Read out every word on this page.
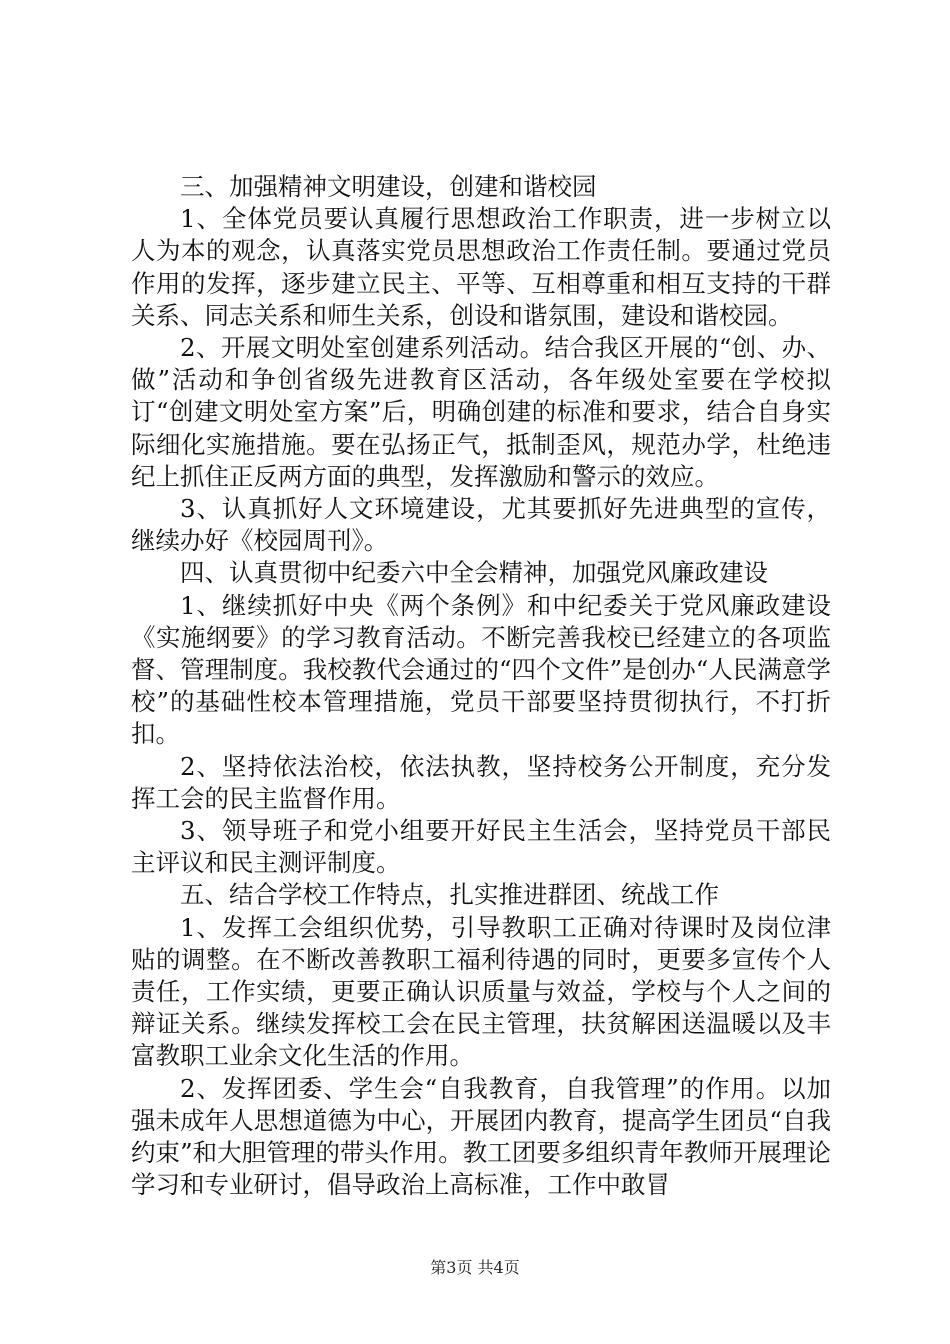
三、加强精神文明建设，创建和谐校园

1、全体党员要认真履行思想政治工作职责，进一步树立以人为本的观念，认真落实党员思想政治工作责任制。要通过党员作用的发挥，逐步建立民主、平等、互相尊重和相互支持的干群关系、同志关系和师生关系，创设和谐氛围，建设和谐校园。

2、开展文明处室创建系列活动。结合我区开展的“创、办、做”活动和争创省级先进教育区活动，各年级处室要在学校拟订“创建文明处室方案”后，明确创建的标准和要求，结合自身实际细化实施措施。要在弘扬正气，抵制歪风，规范办学，杜绝违纪上抓住正反两方面的典型，发挥激励和警示的效应。

3、认真抓好人文环境建设，尤其要抓好先进典型的宣传，继续办好《校园周刊》。

四、认真贯彻中纪委六中全会精神，加强党风廉政建设

1、继续抓好中央《两个条例》和中纪委关于党风廉政建设《实施纲要》的学习教育活动。不断完善我校已经建立的各项监督、管理制度。我校教代会通过的“四个文件”是创办“人民满意学校”的基础性校本管理措施，党员干部要坚持贯彻执行，不打折扣。

2、坚持依法治校，依法执教，坚持校务公开制度，充分发挥工会的民主监督作用。

3、领导班子和党小组要开好民主生活会，坚持党员干部民主评议和民主测评制度。

五、结合学校工作特点，扎实推进群团、统战工作

1、发挥工会组织优势，引导教职工正确对待课时及岗位津贴的调整。在不断改善教职工福利待遇的同时，更要多宣传个人责任，工作实绩，更要正确认识质量与效益，学校与个人之间的辩证关系。继续发挥校工会在民主管理，扶贫解困送温暖以及丰富教职工业余文化生活的作用。

2、发挥团委、学生会“自我教育，自我管理”的作用。以加强未成年人思想道德为中心，开展团内教育，提高学生团员“自我约束”和大胆管理的带头作用。教工团要多组织青年教师开展理论学习和专业研讨，倡导政治上高标准，工作中敢冒

第3页 共4页
